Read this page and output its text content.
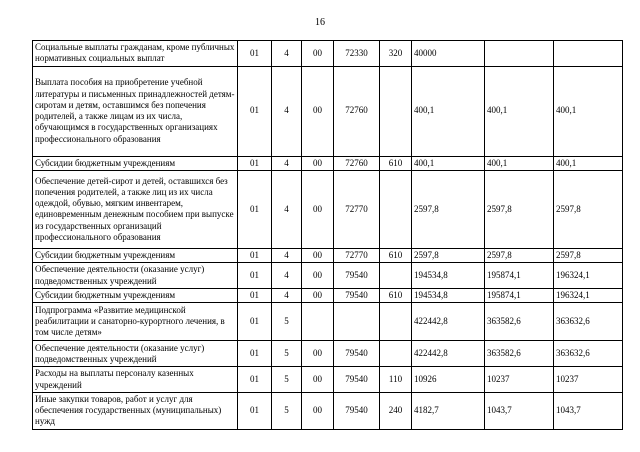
16
Социальные выплаты гражданам, кроме публичных нормативных социальных выплат	01	4	00	72330	320	40000		
Выплата пособия на приобретение учебной литературы и письменных принадлежностей детям-сиротам и детям, оставшимся без попечения родителей, а также лицам из их числа, обучающимся в государственных организациях профессионального образования	01	4	00	72760		400,1	400,1	400,1
Субсидии бюджетным учреждениям	01	4	00	72760	610	400,1	400,1	400,1
Обеспечение детей-сирот и детей, оставшихся без попечения родителей, а также лиц из их числа одеждой, обувью, мягким инвентарем, единовременным денежным пособием при выпуске из государственных организаций профессионального образования	01	4	00	72770		2597,8	2597,8	2597,8
Субсидии бюджетным учреждениям	01	4	00	72770	610	2597,8	2597,8	2597,8
Обеспечение деятельности (оказание услуг) подведомственных учреждений	01	4	00	79540		194534,8	195874,1	196324,1
Субсидии бюджетным учреждениям	01	4	00	79540	610	194534,8	195874,1	196324,1
Подпрограмма «Развитие медицинской реабилитации и санаторно-курортного лечения, в том числе детям»	01	5				422442,8	363582,6	363632,6
Обеспечение деятельности (оказание услуг) подведомственных учреждений	01	5	00	79540		422442,8	363582,6	363632,6
Расходы на выплаты персоналу казенных учреждений	01	5	00	79540	110	10926	10237	10237
Иные закупки товаров, работ и услуг для обеспечения государственных (муниципальных) нужд	01	5	00	79540	240	4182,7	1043,7	1043,7
